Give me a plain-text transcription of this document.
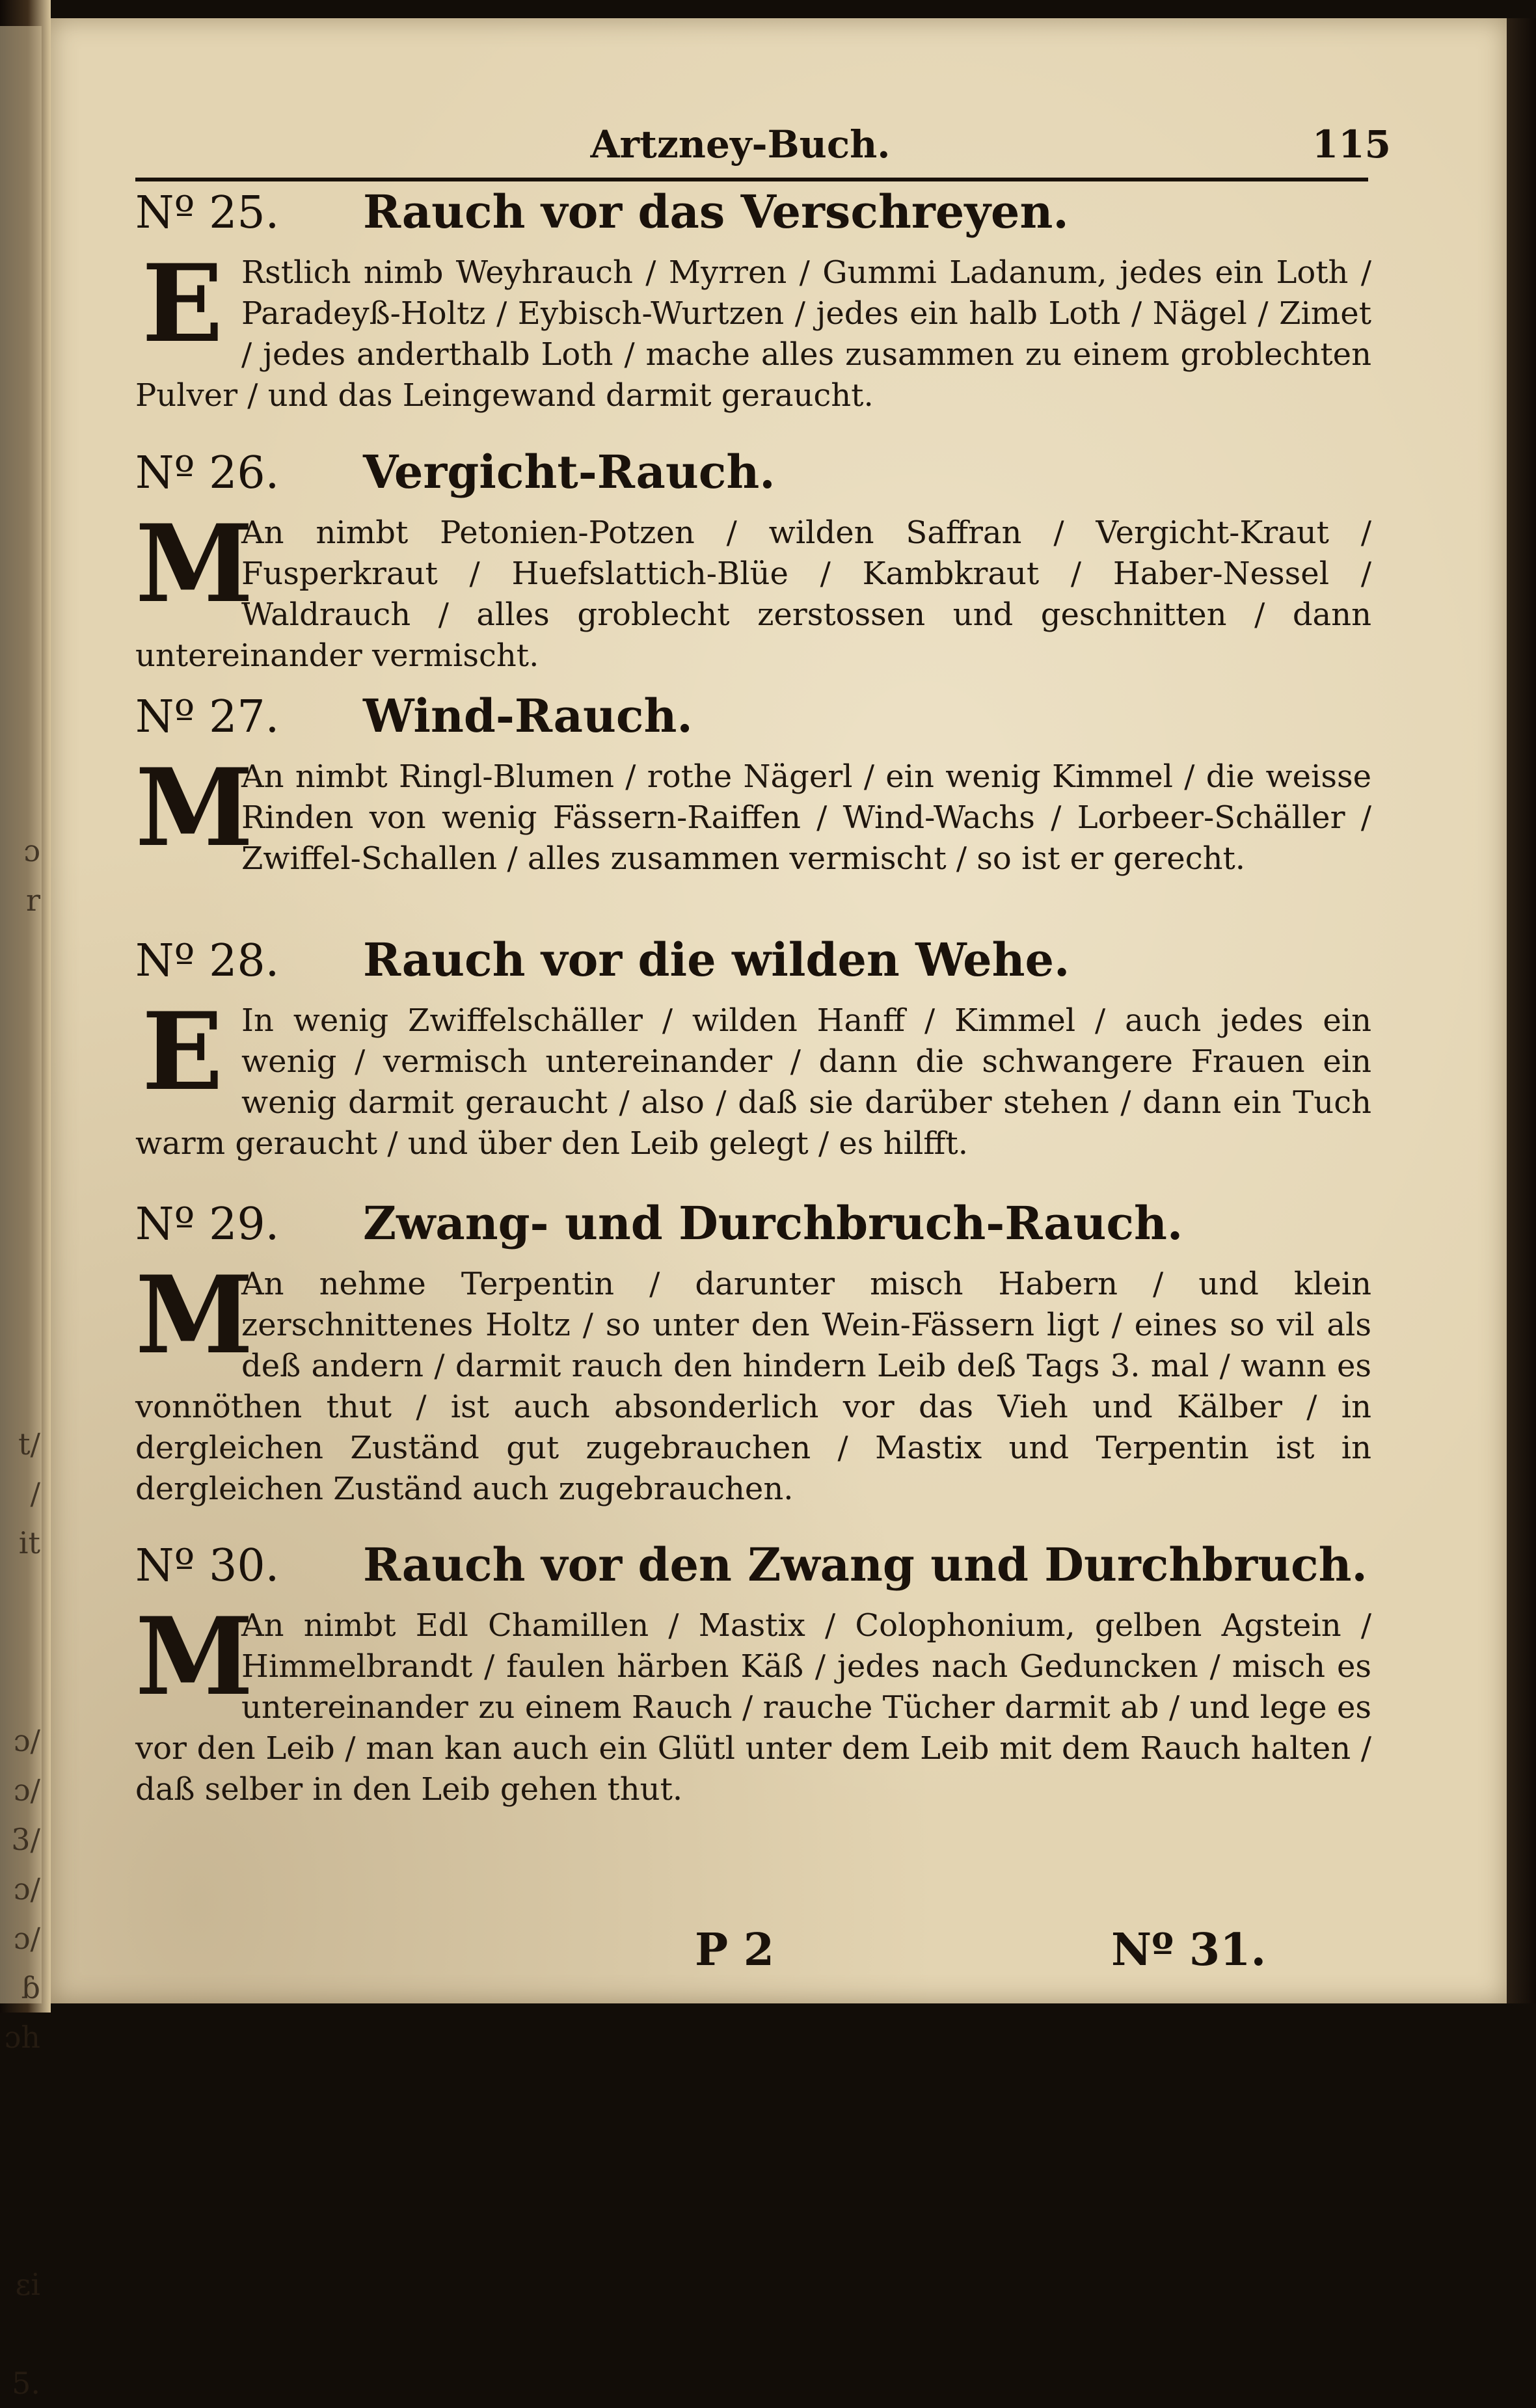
ɔ
r

t/
/
it

ɔ/
ɔ/
3/
ɔ/
ɔ/
ɓ
ɔh

ɛi

5.
Artzney-Buch.	115
Nº 25. Rauch vor das Verschreyen.
E Rstlich nimb Weyhrauch / Myrren / Gummi Ladanum, jedes ein Loth / Paradeyß-Holtz / Eybisch-Wurtzen / jedes ein halb Loth / Nägel / Zimet / jedes anderthalb Loth / mache alles zusammen zu einem groblechten Pulver / und das Leingewand darmit geraucht.

Nº 26. Vergicht-Rauch.
M

An nimbt Petonien-Potzen / wilden Saffran / Vergicht-Kraut / Fusperkraut / Huefslattich-Blüe / Kambkraut / Haber-Nessel / Waldrauch / alles groblecht zerstossen und geschnitten / dann untereinander vermischt.

Nº 27. Wind-Rauch.
M

An nimbt Ringl-Blumen / rothe Nägerl / ein wenig Kimmel / die weisse Rinden von wenig Fässern-Raiffen / Wind-Wachs / Lorbeer-Schäller / Zwiffel-Schallen / alles zusammen vermischt / so ist er gerecht.

Nº 28. Rauch vor die wilden Wehe.
E In wenig Zwiffelschäller / wilden Hanff / Kimmel / auch jedes ein wenig / vermisch untereinander / dann die schwangere Frauen ein wenig darmit geraucht / also / daß sie darüber stehen / dann ein Tuch warm geraucht / und über den Leib gelegt / es hilfft.

Nº 29. Zwang- und Durchbruch-Rauch.
M

An nehme Terpentin / darunter misch Habern / und klein zerschnittenes Holtz / so unter den Wein-Fässern ligt / eines so vil als deß andern / darmit rauch den hindern Leib deß Tags 3. mal / wann es vonnöthen thut / ist auch absonderlich vor das Vieh und Kälber / in dergleichen Zuständ gut zugebrauchen / Mastix und Terpentin ist in dergleichen Zuständ auch zugebrauchen.

Nº 30. Rauch vor den Zwang und Durchbruch.
M

An nimbt Edl Chamillen / Mastix / Colophonium, gelben Agstein / Himmelbrandt / faulen härben Käß / jedes nach Geduncken / misch es untereinander zu einem Rauch / rauche Tücher darmit ab / und lege es vor den Leib / man kan auch ein Glütl unter dem Leib mit dem Rauch halten / daß selber in den Leib gehen thut.

P 2	Nº 31.
